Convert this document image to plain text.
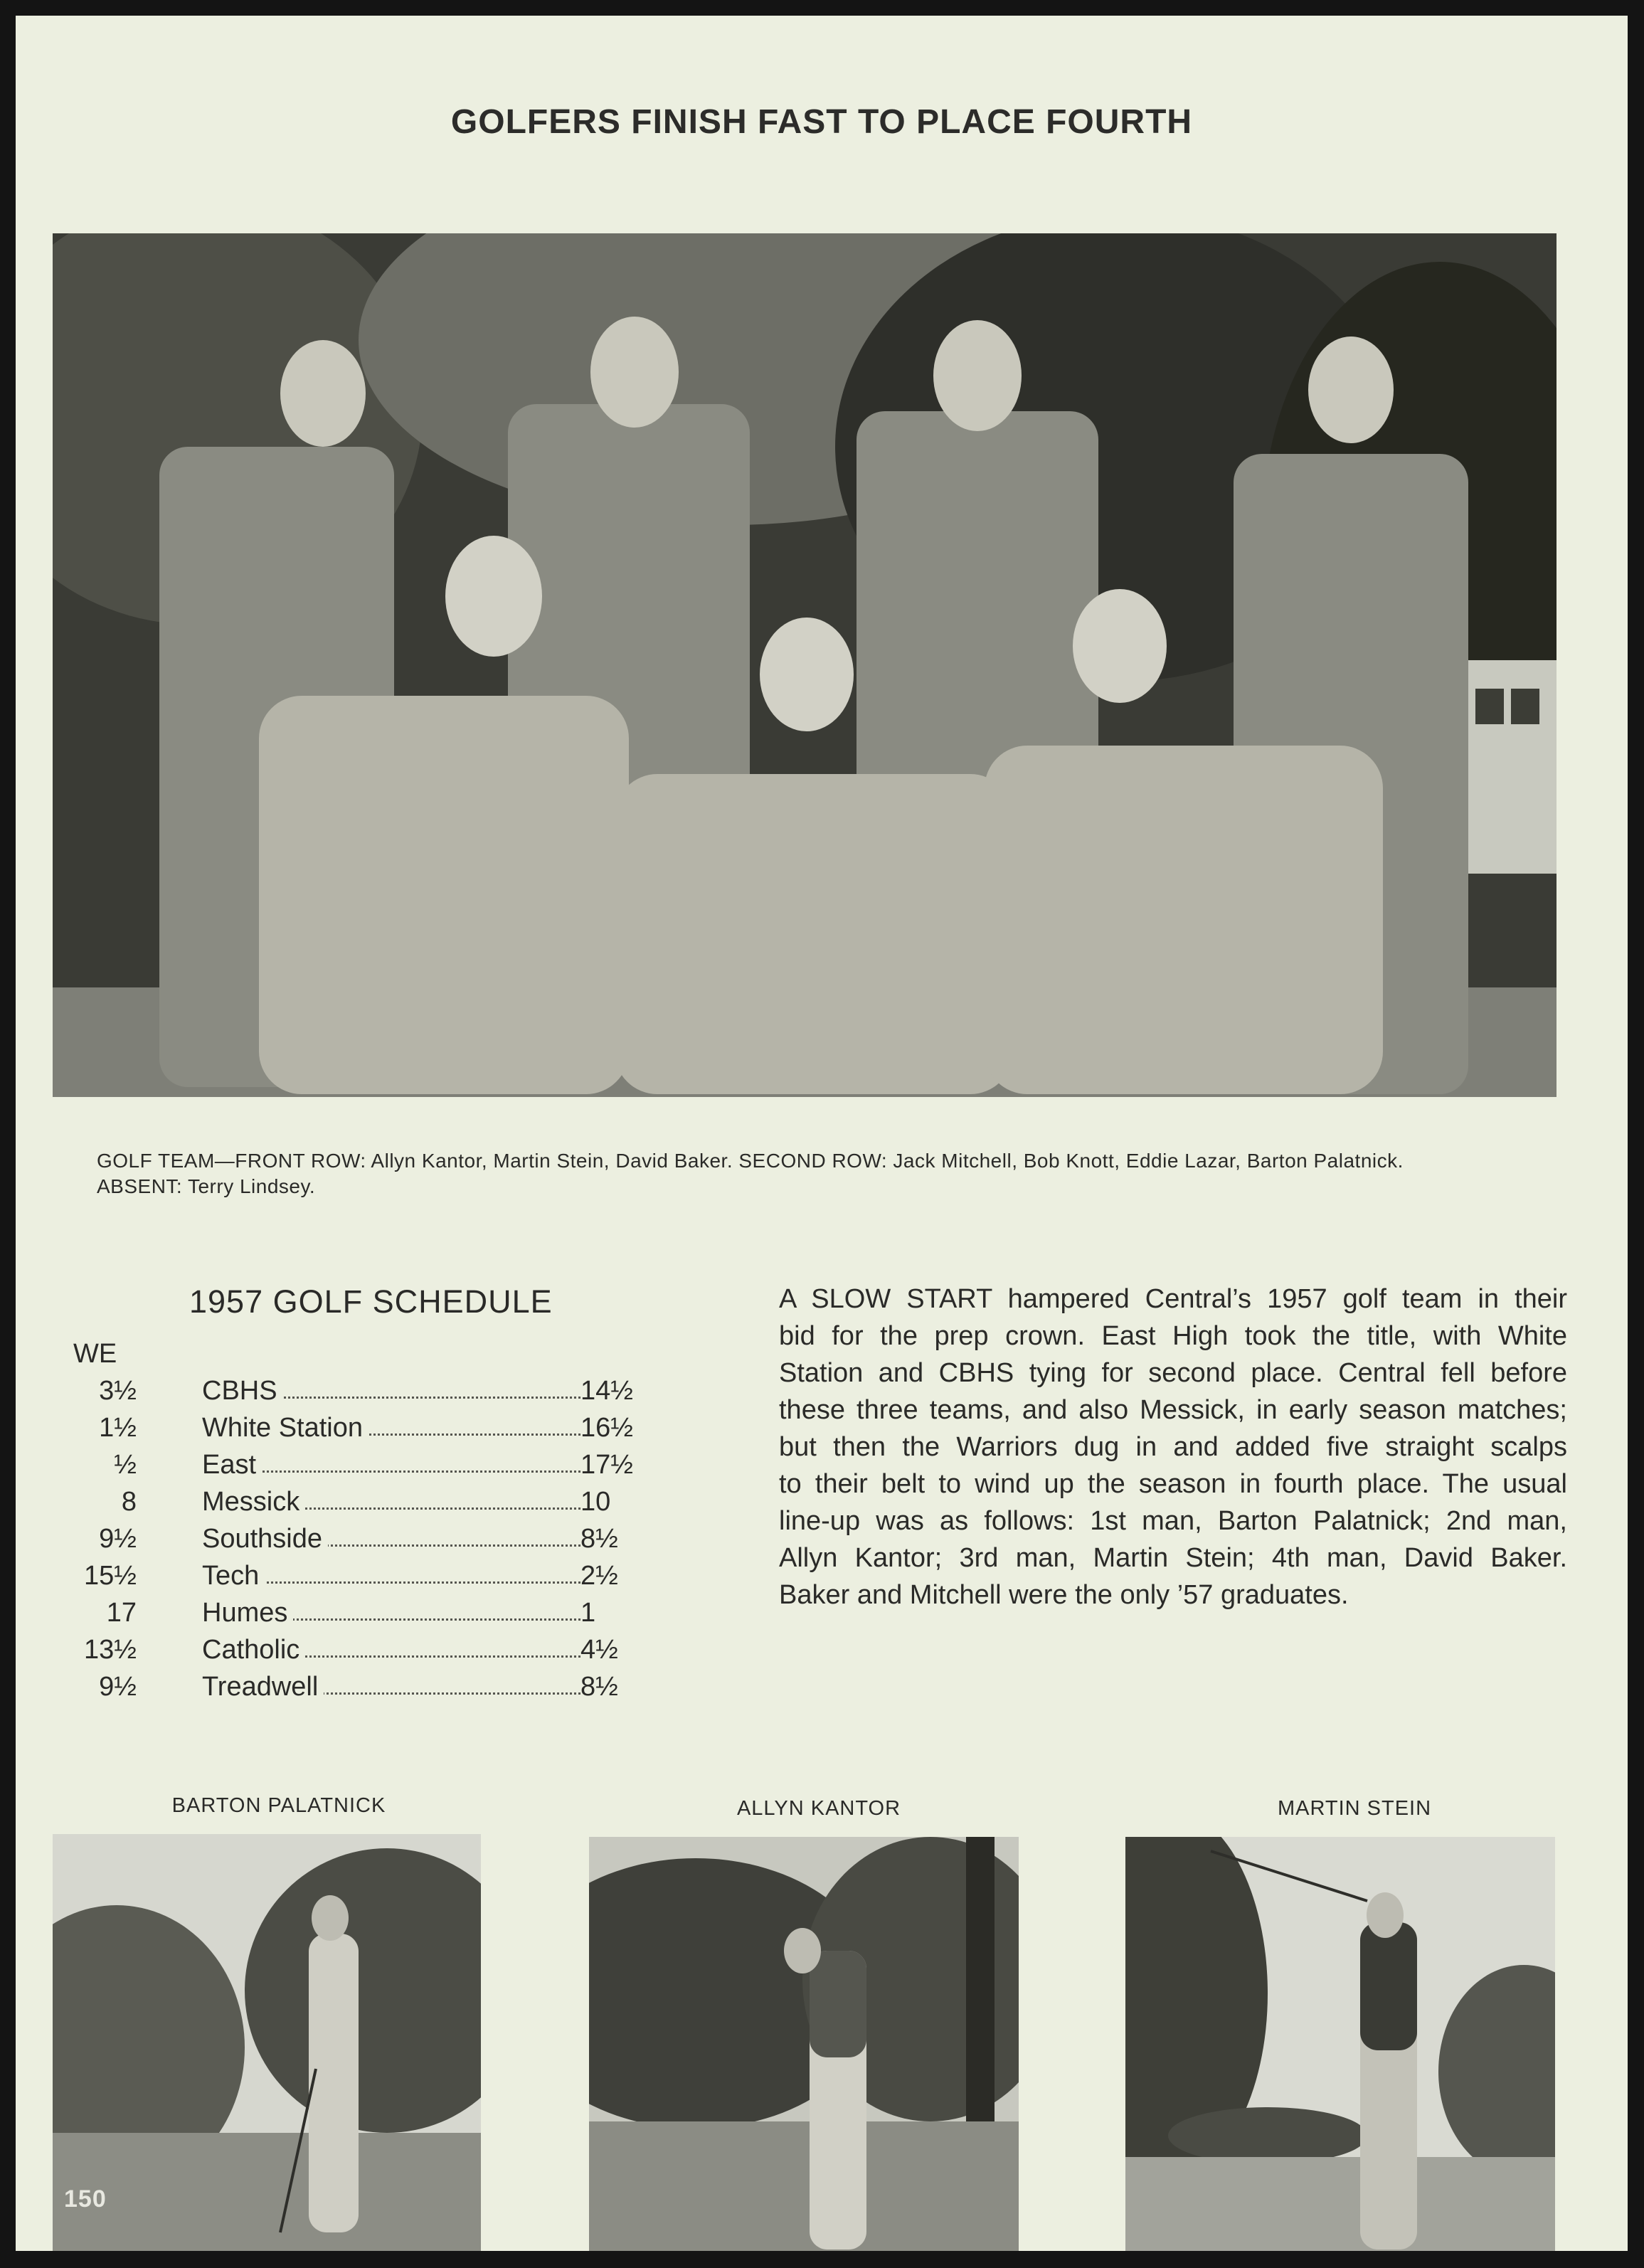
GOLFERS FINISH FAST TO PLACE FOURTH
GOLF TEAM—FRONT ROW: Allyn Kantor, Martin Stein, David Baker. SECOND ROW: Jack Mitchell, Bob Knott, Eddie Lazar, Barton Palatnick.
ABSENT: Terry Lindsey.
1957 GOLF SCHEDULE
WE
3½ CBHS	14½
1½ White Station	16½
½ East	17½
8 Messick	10
9½ Southside	8½
15½ Tech	2½
17 Humes	1
13½ Catholic	4½
9½ Treadwell	8½
A SLOW START hampered Central’s 1957 golf team in their
bid for the prep crown. East High took the title, with White
Station and CBHS tying for second place. Central fell before
these three teams, and also Messick, in early season matches;
but then the Warriors dug in and added five straight scalps
to their belt to wind up the season in fourth place. The usual
line-up was as follows: 1st man, Barton Palatnick; 2nd man,
Allyn Kantor; 3rd man, Martin Stein; 4th man, David Baker.
Baker and Mitchell were the only ’57 graduates.
BARTON PALATNICK	ALLYN KANTOR	MARTIN STEIN
150
